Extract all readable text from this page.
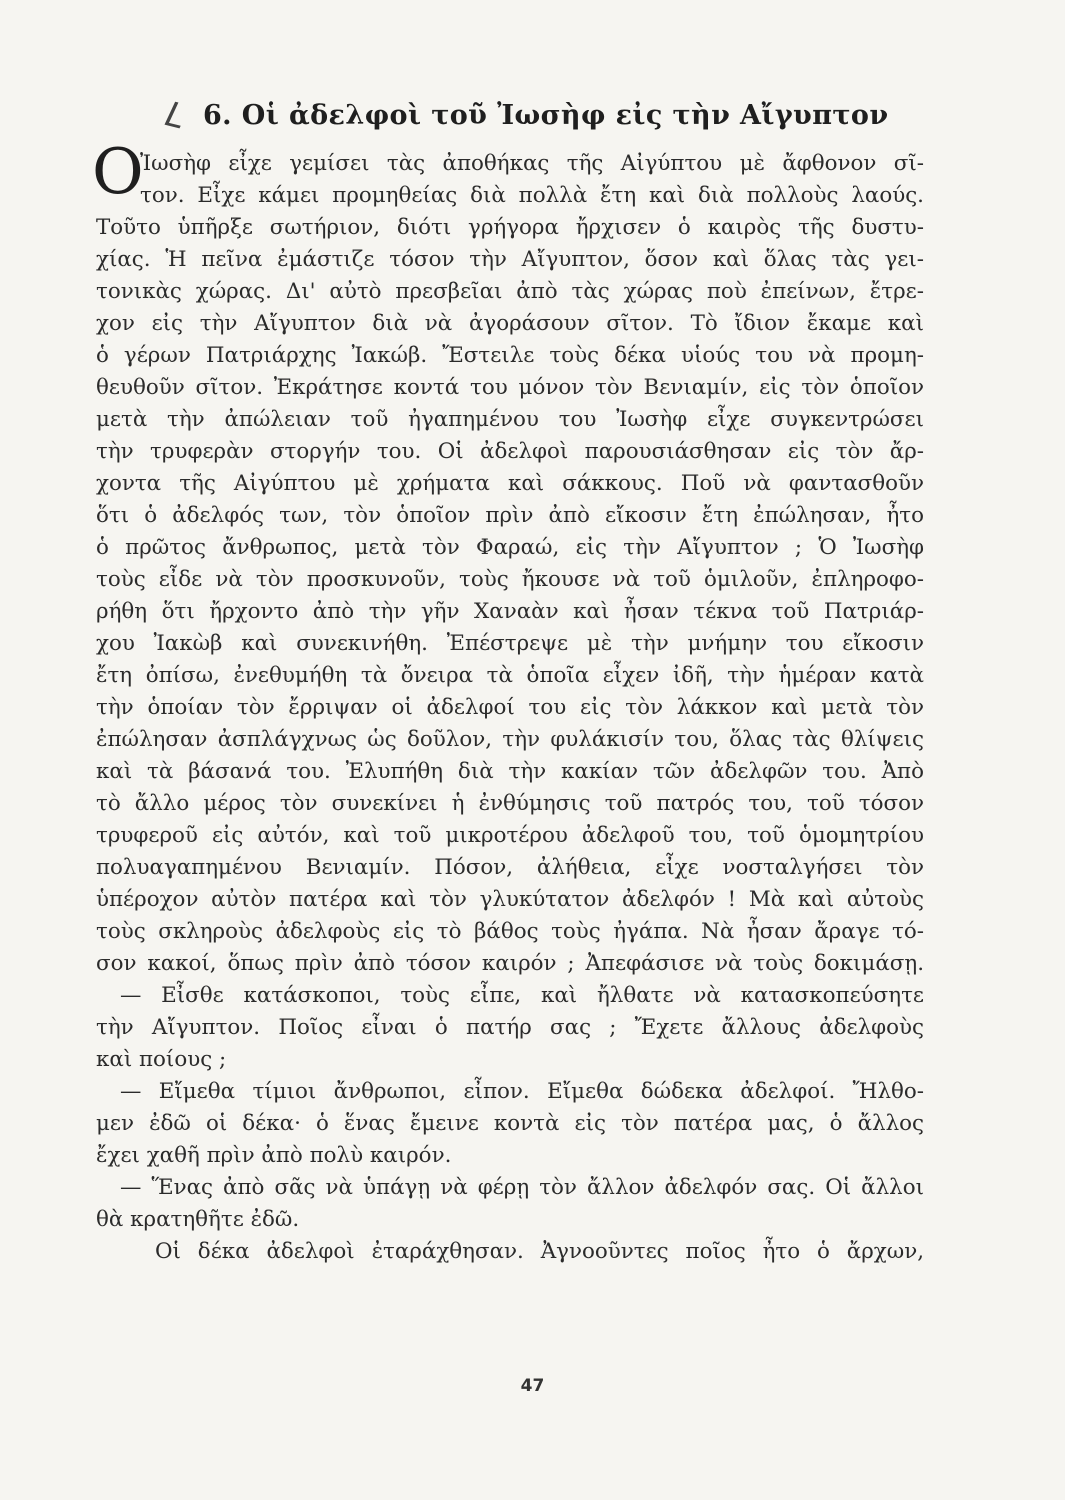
L 6. Οἱ ἀδελφοὶ τοῦ Ἰωσὴφ εἰς τὴν Αἴγυπτον
O
Ἰωσὴφ εἶχε γεμίσει τὰς ἀποθήκας τῆς Αἰγύπτου μὲ ἄφθονον σῖ-
τον. Εἶχε κάμει προμηθείας διὰ πολλὰ ἔτη καὶ διὰ πολλοὺς λαούς.
Τοῦτο ὑπῆρξε σωτήριον, διότι γρήγορα ἤρχισεν ὁ καιρὸς τῆς δυστυ-
χίας. Ἡ πεῖνα ἐμάστιζε τόσον τὴν Αἴγυπτον, ὅσον καὶ ὅλας τὰς γει-
τονικὰς χώρας. Δι' αὐτὸ πρεσβεῖαι ἀπὸ τὰς χώρας ποὺ ἐπείνων, ἔτρε-
χον εἰς τὴν Αἴγυπτον διὰ νὰ ἀγοράσουν σῖτον. Τὸ ἴδιον ἔκαμε καὶ
ὁ γέρων Πατριάρχης Ἰακώβ. Ἔστειλε τοὺς δέκα υἱούς του νὰ προμη-
θευθοῦν σῖτον. Ἐκράτησε κοντά του μόνον τὸν Βενιαμίν, εἰς τὸν ὁποῖον
μετὰ τὴν ἀπώλειαν τοῦ ἠγαπημένου του Ἰωσὴφ εἶχε συγκεντρώσει
τὴν τρυφερὰν στοργήν του. Οἱ ἀδελφοὶ παρουσιάσθησαν εἰς τὸν ἄρ-
χοντα τῆς Αἰγύπτου μὲ χρήματα καὶ σάκκους. Ποῦ νὰ φαντασθοῦν
ὅτι ὁ ἀδελφός των, τὸν ὁποῖον πρὶν ἀπὸ εἴκοσιν ἔτη ἐπώλησαν, ἦτο
ὁ πρῶτος ἄνθρωπος, μετὰ τὸν Φαραώ, εἰς τὴν Αἴγυπτον ; Ὁ Ἰωσὴφ
τοὺς εἶδε νὰ τὸν προσκυνοῦν, τοὺς ἤκουσε νὰ τοῦ ὁμιλοῦν, ἐπληροφο-
ρήθη ὅτι ἤρχοντο ἀπὸ τὴν γῆν Χαναὰν καὶ ἦσαν τέκνα τοῦ Πατριάρ-
χου Ἰακὼβ καὶ συνεκινήθη. Ἐπέστρεψε μὲ τὴν μνήμην του εἴκοσιν
ἔτη ὀπίσω, ἐνεθυμήθη τὰ ὄνειρα τὰ ὁποῖα εἶχεν ἰδῆ, τὴν ἡμέραν κατὰ
τὴν ὁποίαν τὸν ἔρριψαν οἱ ἀδελφοί του εἰς τὸν λάκκον καὶ μετὰ τὸν
ἐπώλησαν ἀσπλάγχνως ὡς δοῦλον, τὴν φυλάκισίν του, ὅλας τὰς θλίψεις
καὶ τὰ βάσανά του. Ἐλυπήθη διὰ τὴν κακίαν τῶν ἀδελφῶν του. Ἀπὸ
τὸ ἄλλο μέρος τὸν συνεκίνει ἡ ἐνθύμησις τοῦ πατρός του, τοῦ τόσον
τρυφεροῦ εἰς αὐτόν, καὶ τοῦ μικροτέρου ἀδελφοῦ του, τοῦ ὁμομητρίου
πολυαγαπημένου Βενιαμίν. Πόσον, ἀλήθεια, εἶχε νοσταλγήσει τὸν
ὑπέροχον αὐτὸν πατέρα καὶ τὸν γλυκύτατον ἀδελφόν ! Μὰ καὶ αὐτοὺς
τοὺς σκληροὺς ἀδελφοὺς εἰς τὸ βάθος τοὺς ἠγάπα. Νὰ ἦσαν ἄραγε τό-
σον κακοί, ὅπως πρὶν ἀπὸ τόσον καιρόν ; Ἀπεφάσισε νὰ τοὺς δοκιμάσῃ.
— Εἶσθε κατάσκοποι, τοὺς εἶπε, καὶ ἤλθατε νὰ κατασκοπεύσητε
τὴν Αἴγυπτον. Ποῖος εἶναι ὁ πατήρ σας ; Ἔχετε ἄλλους ἀδελφοὺς
καὶ ποίους ;
— Εἴμεθα τίμιοι ἄνθρωποι, εἶπον. Εἴμεθα δώδεκα ἀδελφοί. Ἤλθο-
μεν ἐδῶ οἱ δέκα· ὁ ἕνας ἔμεινε κοντὰ εἰς τὸν πατέρα μας, ὁ ἄλλος
ἔχει χαθῆ πρὶν ἀπὸ πολὺ καιρόν.
— Ἕνας ἀπὸ σᾶς νὰ ὑπάγῃ νὰ φέρῃ τὸν ἄλλον ἀδελφόν σας. Οἱ ἄλλοι
θὰ κρατηθῆτε ἐδῶ.
Οἱ δέκα ἀδελφοὶ ἐταράχθησαν. Ἀγνοοῦντες ποῖος ἦτο ὁ ἄρχων,
47
